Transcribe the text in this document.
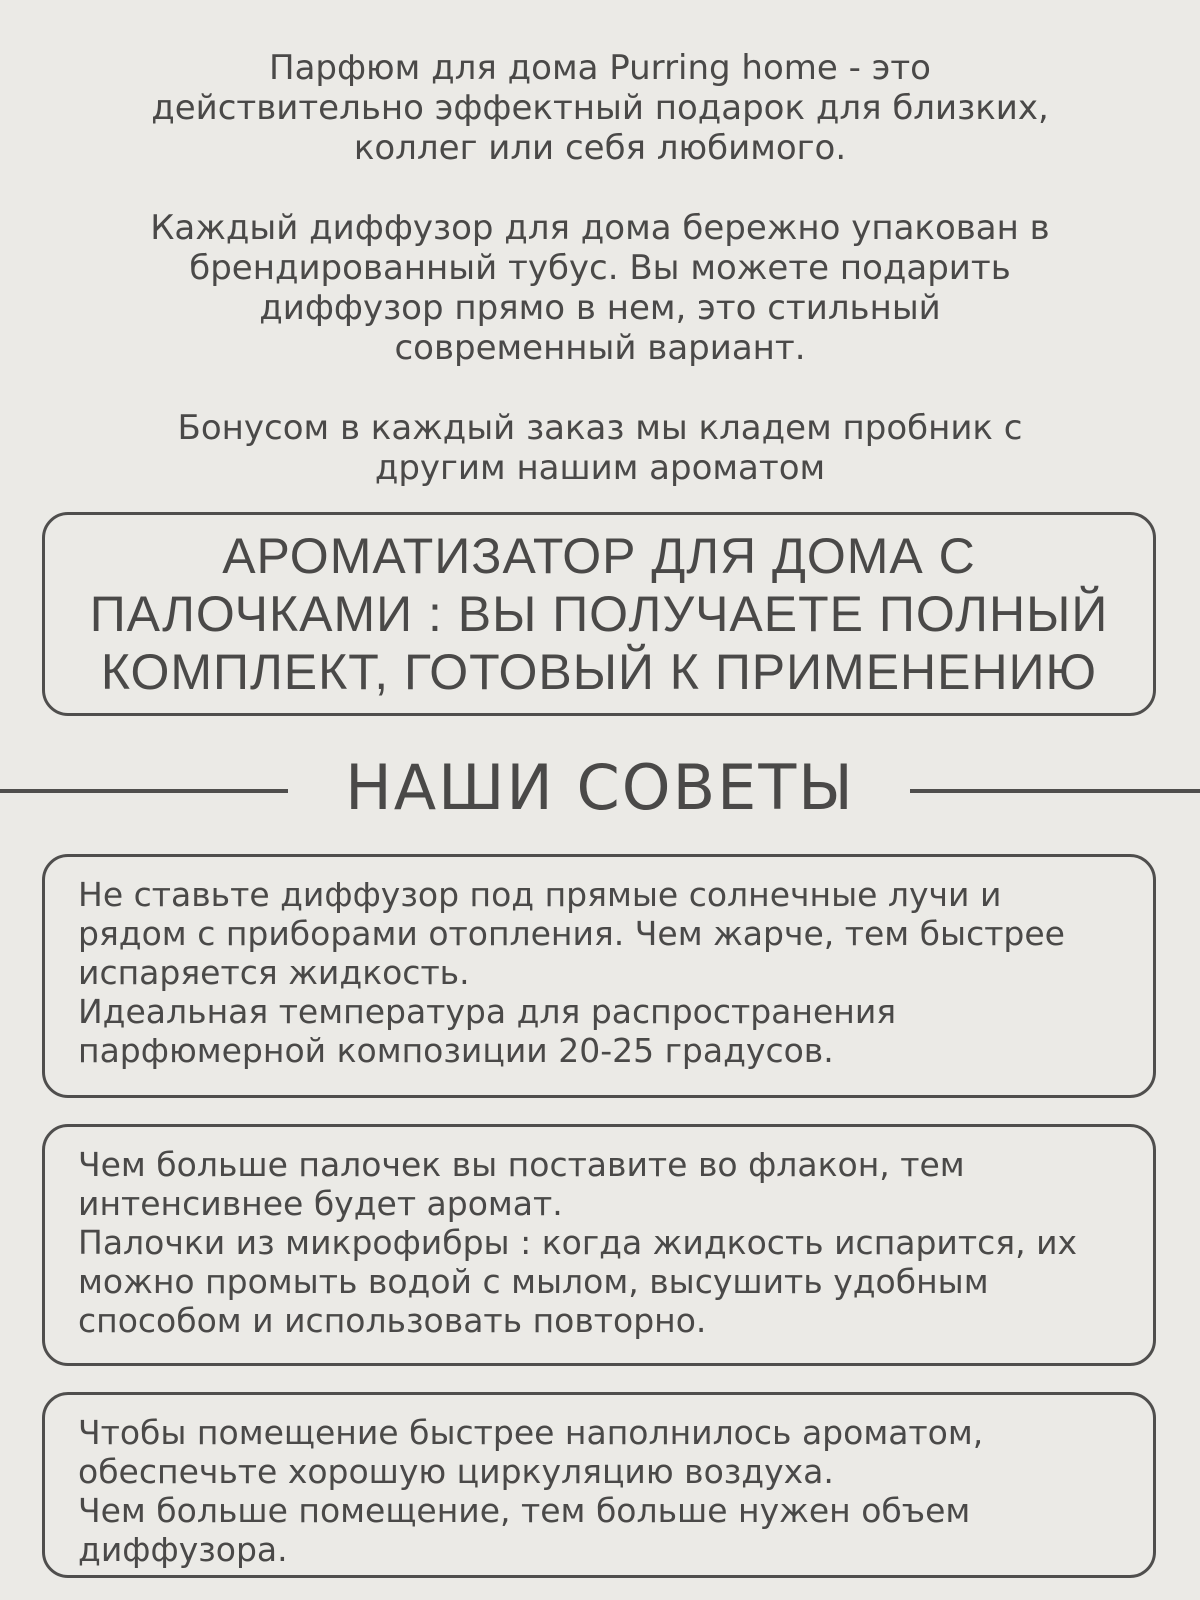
Парфюм для дома Purring home - это
действительно эффектный подарок для близких,
коллег или себя любимого.

Каждый диффузор для дома бережно упакован в
брендированный тубус. Вы можете подарить
диффузор прямо в нем, это стильный
современный вариант.

Бонусом в каждый заказ мы кладем пробник с
другим нашим ароматом

АРОМАТИЗАТОР ДЛЯ ДОМА С
ПАЛОЧКАМИ : ВЫ ПОЛУЧАЕТЕ ПОЛНЫЙ
КОМПЛЕКТ, ГОТОВЫЙ К ПРИМЕНЕНИЮ

НАШИ СОВЕТЫ

Не ставьте диффузор под прямые солнечные лучи и
рядом с приборами отопления. Чем жарче, тем быстрее
испаряется жидкость.
Идеальная температура для распространения
парфюмерной композиции 20-25 градусов.

Чем больше палочек вы поставите во флакон, тем
интенсивнее будет аромат.
Палочки из микрофибры : когда жидкость испарится, их
можно промыть водой с мылом, высушить удобным
способом и использовать повторно.

Чтобы помещение быстрее наполнилось ароматом,
обеспечьте хорошую циркуляцию воздуха.
Чем больше помещение, тем больше нужен объем
диффузора.
